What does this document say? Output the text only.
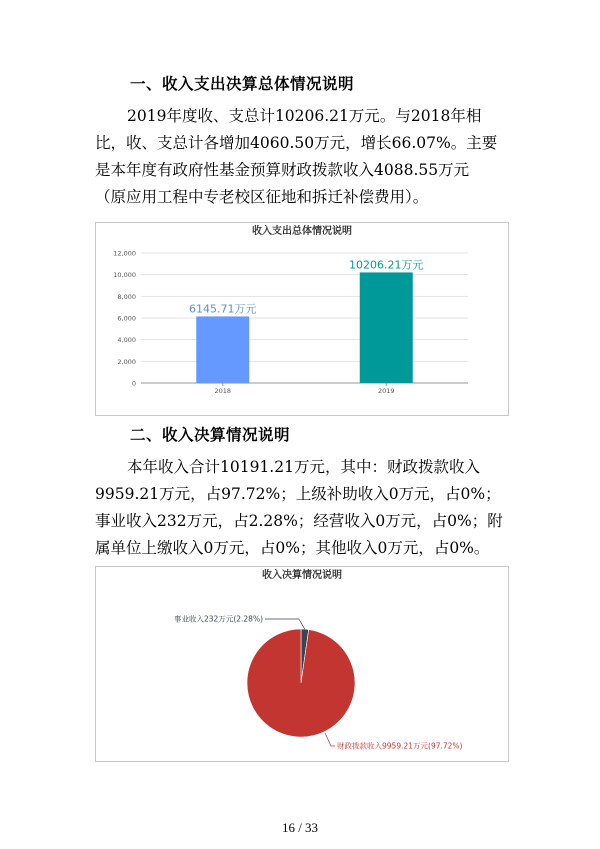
一、收入支出决算总体情况说明
2019年度收、支总计10206.21万元。与2018年相
比，收、支总计各增加4060.50万元，增长66.07%。主要
是本年度有政府性基金预算财政拨款收入4088.55万元
（原应用工程中专老校区征地和拆迁补偿费用）。
收入支出总体情况说明
0
2,000
4,000
6,000
8,000
10,000
12,000
6145.71万元
10206.21万元
2018	2019
二、收入决算情况说明
本年收入合计10191.21万元，其中：财政拨款收入
9959.21万元，占97.72%；上级补助收入0万元，占0%；
事业收入232万元，占2.28%；经营收入0万元，占0%；附
属单位上缴收入0万元，占0%；其他收入0万元，占0%。
收入决算情况说明
事业收入232万元(2.28%)
财政拨款收入9959.21万元(97.72%)
16 / 33
